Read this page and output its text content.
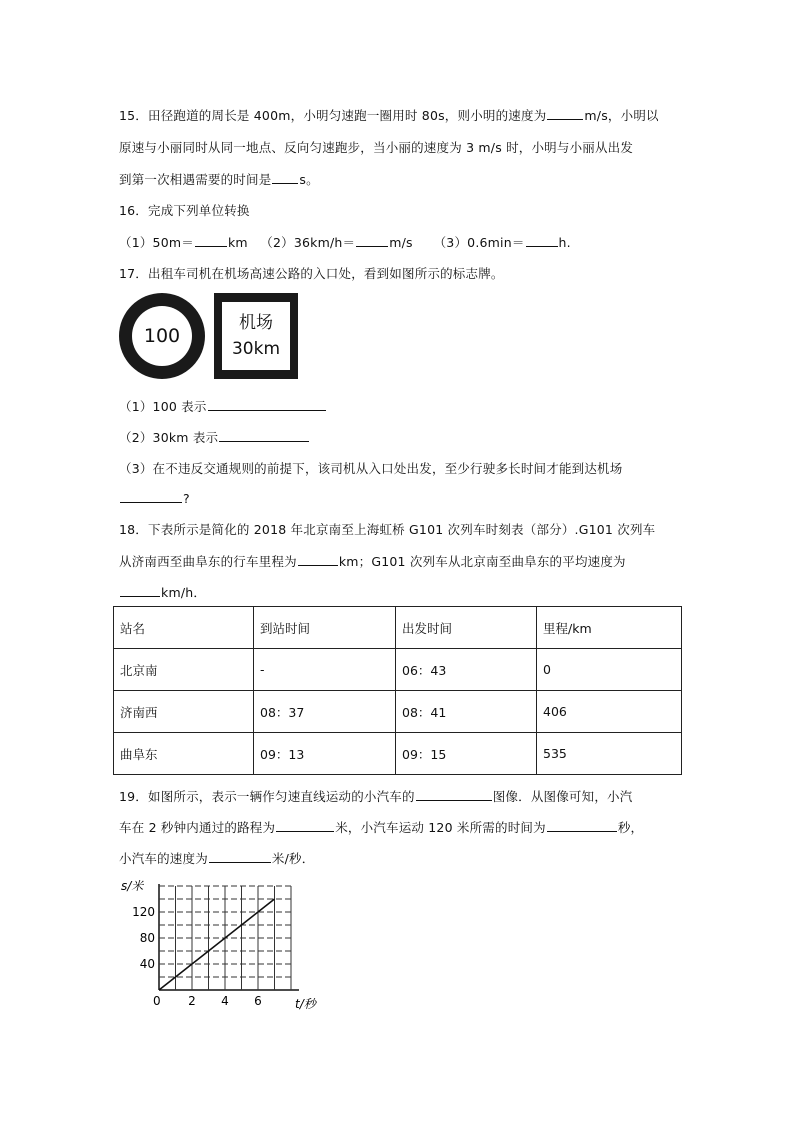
15．田径跑道的周长是 400m，小明匀速跑一圈用时 80s，则小明的速度为	m/s，小明以
原速与小丽同时从同一地点、反向匀速跑步，当小丽的速度为 3 m/s 时，小明与小丽从出发
到第一次相遇需要的时间是 s。
16．完成下列单位转换
（1）50m＝	km （2）36km/h＝	m/s （3）0.6min＝	h.
17．出租车司机在机场高速公路的入口处，看到如图所示的标志牌。
100
机场
30km
（1）100 表示
（2）30km 表示
（3）在不违反交通规则的前提下，该司机从入口处出发，至少行驶多长时间才能到达机场
?
18．下表所示是简化的 2018 年北京南至上海虹桥 G101 次列车时刻表（部分）.G101 次列车
从济南西至曲阜东的行车里程为	km；G101 次列车从北京南至曲阜东的平均速度为
km/h．
站名	到站时间	出发时间	里程/km
北京南	-	06：43	0
济南西	08：37	08：41	406
曲阜东	09：13	09：15	535
19．如图所示，表示一辆作匀速直线运动的小汽车的	图像．从图像可知，小汽
车在 2 秒钟内通过的路程为	米，小汽车运动 120 米所需的时间为	秒，
小汽车的速度为	米/秒．
s/米
t/秒
0
40
80
120
2 4 6
